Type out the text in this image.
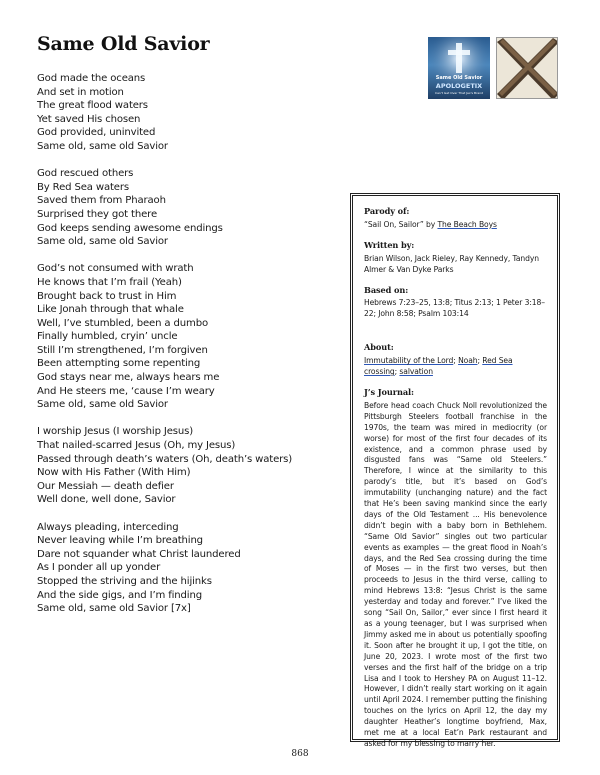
Same Old Savior
God made the oceans
And set in motion
The great flood waters
Yet saved His chosen
God provided, uninvited
Same old, same old Savior
God rescued others
By Red Sea waters
Saved them from Pharaoh
Surprised they got there
God keeps sending awesome endings
Same old, same old Savior
God’s not consumed with wrath
He knows that I’m frail (Yeah)
Brought back to trust in Him
Like Jonah through that whale
Well, I’ve stumbled, been a dumbo
Finally humbled, cryin’ uncle
Still I’m strengthened, I’m forgiven
Been attempting some repenting
God stays near me, always hears me
And He steers me, ‘cause I’m weary
Same old, same old Savior
I worship Jesus (I worship Jesus)
That nailed-scarred Jesus (Oh, my Jesus)
Passed through death’s waters (Oh, death’s waters)
Now with His Father (With Him)
Our Messiah — death defier
Well done, well done, Savior
Always pleading, interceding
Never leaving while I’m breathing
Dare not squander what Christ laundered
As I ponder all up yonder
Stopped the striving and the hijinks
And the side gigs, and I’m finding
Same old, same old Savior [7x]
Same Old Savior
APOLOGETIX
Can’t Get Over That Jax’s Brand
Parody of:
“Sail On, Sailor” by The Beach Boys
Written by:
Brian Wilson, Jack Rieley, Ray Kennedy, Tandyn Almer & Van Dyke Parks
Based on:
Hebrews 7:23–25, 13:8; Titus 2:13; 1 Peter 3:18–22; John 8:58; Psalm 103:14
About:
Immutability of the Lord; Noah; Red Sea crossing; salvation
J’s Journal:
Before head coach Chuck Noll revolutionized the Pittsburgh Steelers football franchise in the 1970s, the team was mired in mediocrity (or worse) for most of the first four decades of its existence, and a common phrase used by disgusted fans was “Same old Steelers.” Therefore, I wince at the similarity to this parody’s title, but it’s based on God’s immutability (unchanging nature) and the fact that He’s been saving mankind since the early days of the Old Testament ... His benevolence didn’t begin with a baby born in Bethlehem. “Same Old Savior” singles out two particular events as examples — the great flood in Noah’s days, and the Red Sea crossing during the time of Moses — in the first two verses, but then proceeds to Jesus in the third verse, calling to mind Hebrews 13:8: “Jesus Christ is the same yesterday and today and forever.” I’ve liked the song “Sail On, Sailor,” ever since I first heard it as a young teenager, but I was surprised when Jimmy asked me in about us potentially spoofing it. Soon after he brought it up, I got the title, on June 20, 2023. I wrote most of the first two verses and the first half of the bridge on a trip Lisa and I took to Hershey PA on August 11–12. However, I didn’t really start working on it again until April 2024. I remember putting the finishing touches on the lyrics on April 12, the day my daughter Heather’s longtime boyfriend, Max, met me at a local Eat’n Park restaurant and asked for my blessing to marry her.
868
